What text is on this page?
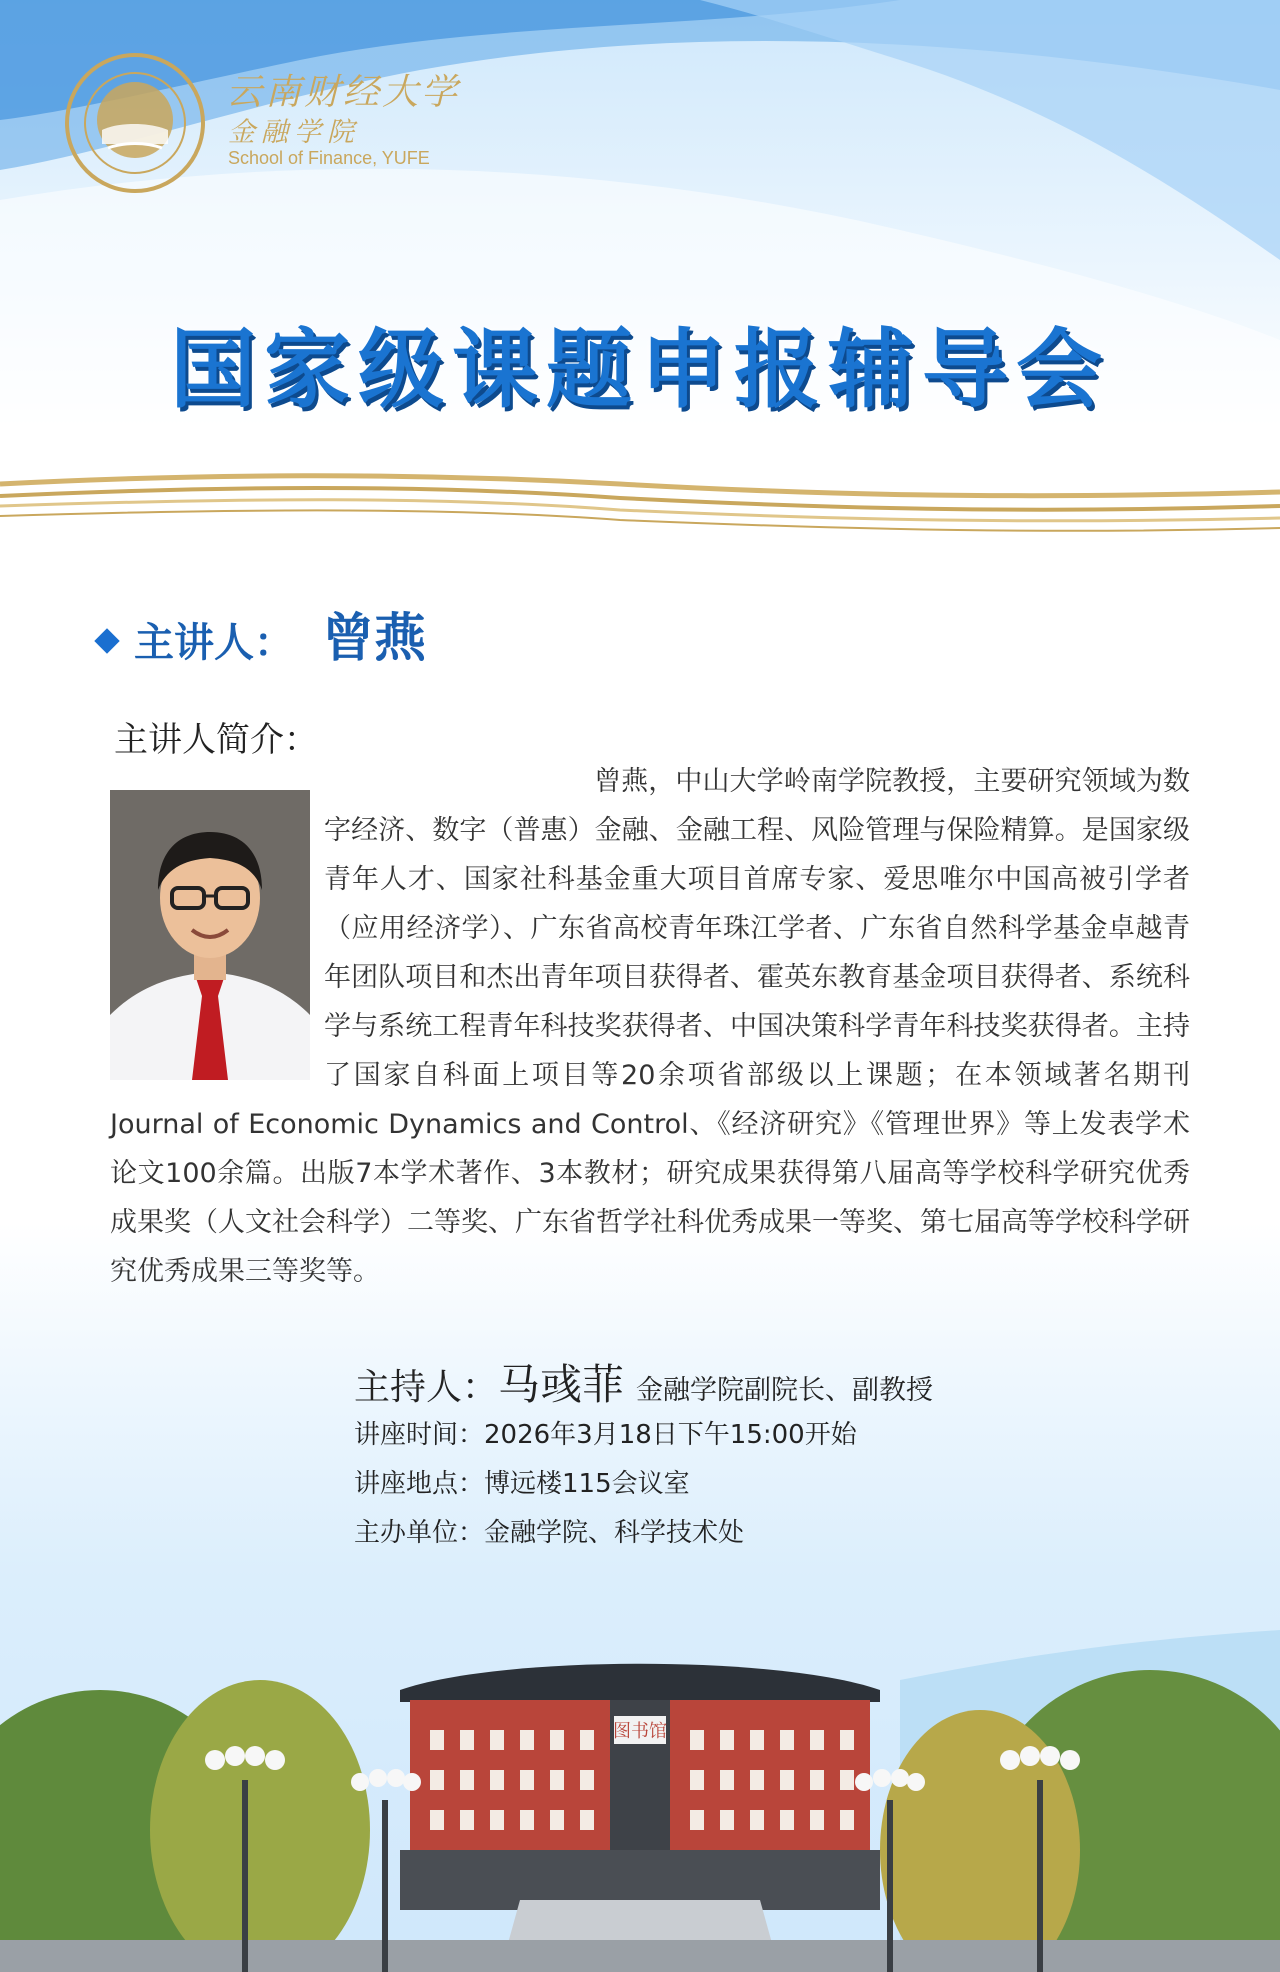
云南财经大学
金融学院
School of Finance, YUFE
国家级课题申报辅导会
主讲人： 曾燕
主讲人简介：
曾燕，中山大学岭南学院教授，主要研究领域为数字经济、数字（普惠）金融、金融工程、风险管理与保险精算。是国家级青年人才、国家社科基金重大项目首席专家、爱思唯尔中国高被引学者（应用经济学）、广东省高校青年珠江学者、广东省自然科学基金卓越青年团队项目和杰出青年项目获得者、霍英东教育基金项目获得者、系统科学与系统工程青年科技奖获得者、中国决策科学青年科技奖获得者。主持了国家自科面上项目等20余项省部级以上课题；在本领域著名期刊Journal of Economic Dynamics and Control、《经济研究》《管理世界》等上发表学术论文100余篇。出版7本学术著作、3本教材；研究成果获得第八届高等学校科学研究优秀成果奖（人文社会科学）二等奖、广东省哲学社科优秀成果一等奖、第七届高等学校科学研究优秀成果三等奖等。
主持人：马彧菲 金融学院副院长、副教授
讲座时间：2026年3月18日下午15:00开始
讲座地点：博远楼115会议室
主办单位：金融学院、科学技术处
图书馆
